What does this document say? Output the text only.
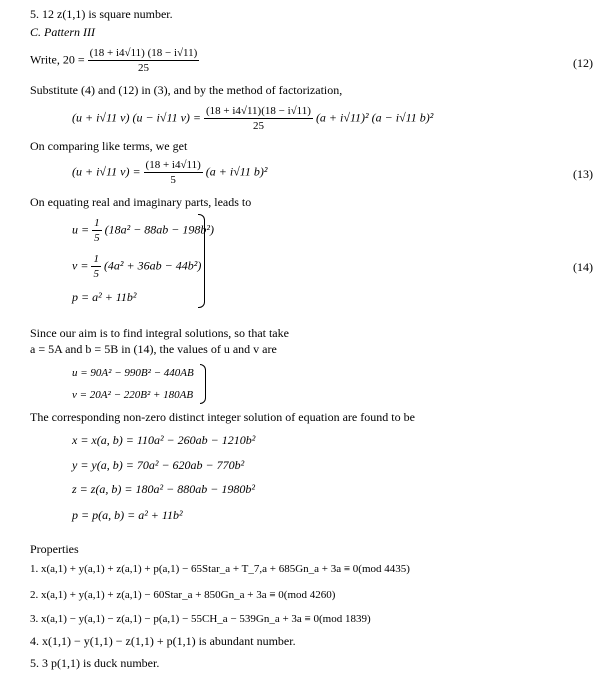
5. 12 z(1,1) is square number.
C. Pattern III
Write, $20 = \frac{(18 + i4√11) (18 - i√11)}{25}$	(12)
Substitute (4) and (12) in (3), and by the method of factorization,
(u + i√11 v) (u − i√11 $v) = \frac{(18 + i4√11)(18 - i√11)}{25} (a + i√11)^2$ (a − i√11 b)²
On comparing like terms, we get
(u + i√11 $v) = \frac{(18 + i4√11)}{5} (a + i√11$ b)²	(13)
On equating real and imaginary parts, leads to
$u = \frac{1}{5} (18a^2 - 88ab - 198b^2)$
$v = \frac{1}{5} (4a^2 + 36ab - 44b^2)$
p = a² + 11b²
(14)
Since our aim is to find integral solutions, so that take
a = 5A and b = 5B in (14), the values of u and v are
u = 90A² − 990B² − 440AB
v = 20A² − 220B² + 180AB
The corresponding non-zero distinct integer solution of equation are found to be
x = x(a, b) = 110a² − 260ab − 1210b²
y = y(a, b) = 70a² − 620ab − 770b²
z = z(a, b) = 180a² − 880ab − 1980b²
p = p(a, b) = a² + 11b²
Properties
1. x(a,1) + y(a,1) + z(a,1) + p(a,1) − 65Star_a + T_7,a + 685Gn_a + 3a ≡ 0(mod 4435)
2. x(a,1) + y(a,1) + z(a,1) − 60Star_a + 850Gn_a + 3a ≡ 0(mod 4260)
3. x(a,1) − y(a,1) − z(a,1) − p(a,1) − 55CH_a − 539Gn_a + 3a ≡ 0(mod 1839)
4. x(1,1) − y(1,1) − z(1,1) + p(1,1) is abundant number.
5. 3 p(1,1) is duck number.
